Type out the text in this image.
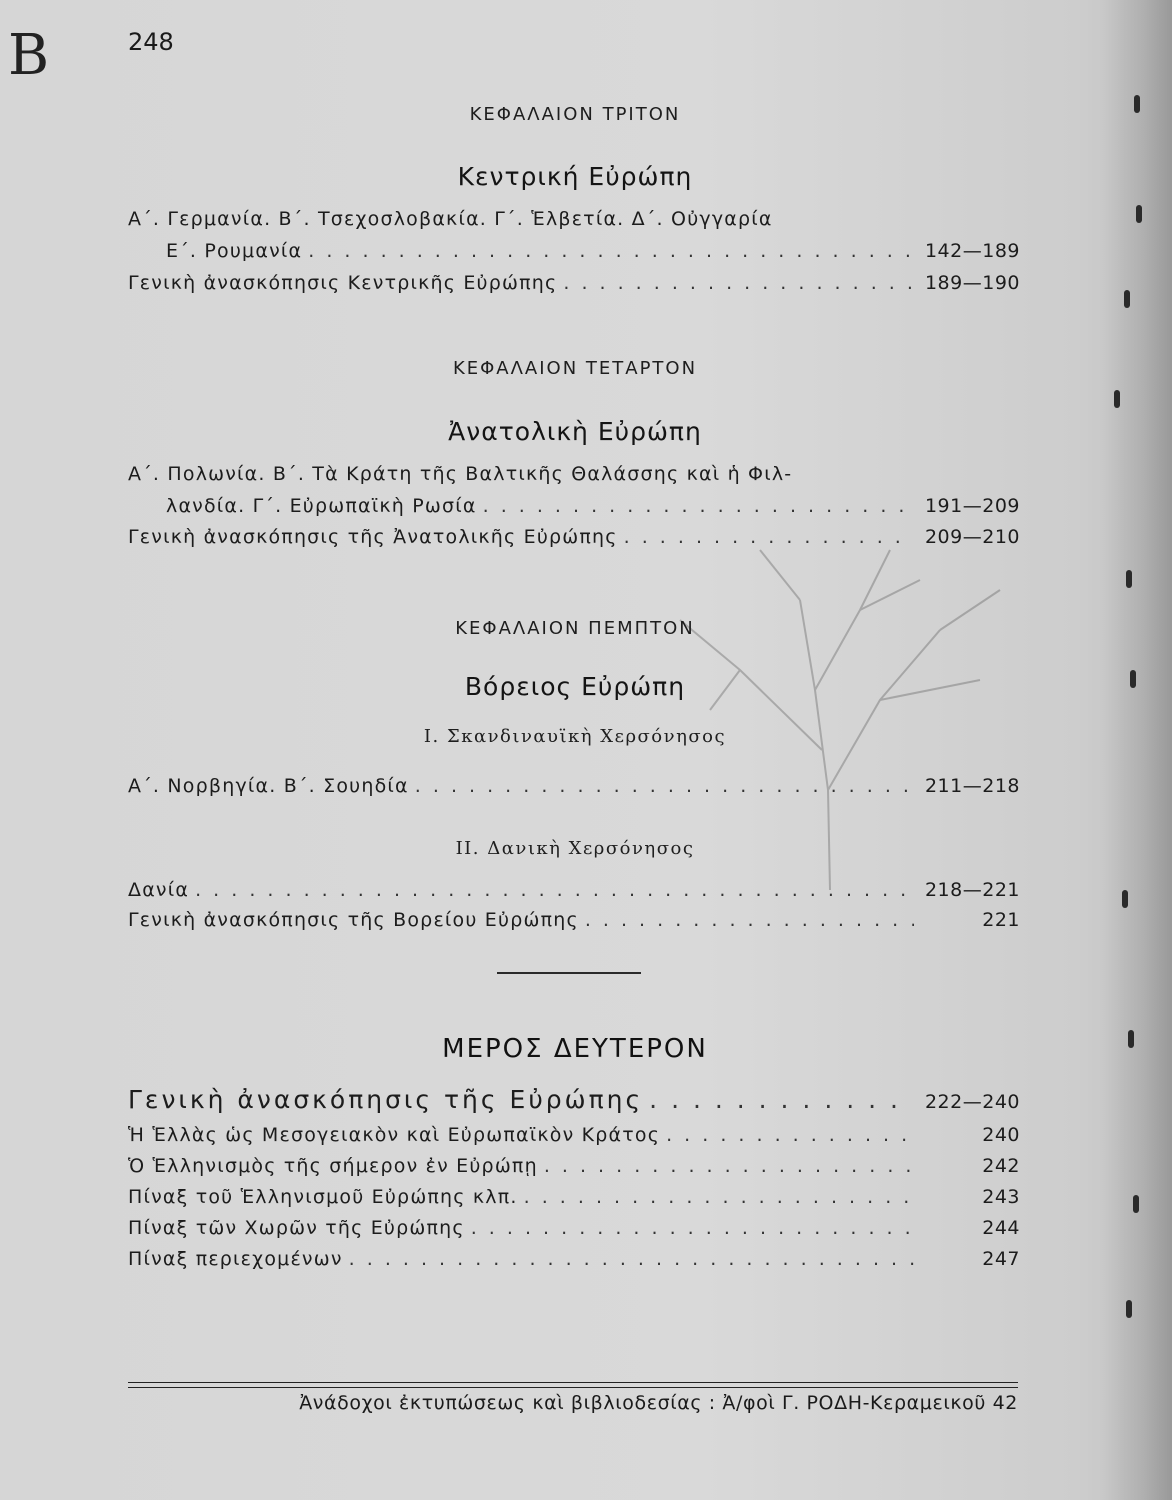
B	248
ΚΕΦΑΛΑΙΟΝ ΤΡΙΤΟΝ
Κεντρική Εὐρώπη
Α΄. Γερμανία. Β΄. Τσεχοσλοβακία. Γ΄. Ἑλβετία. Δ΄. Οὐγγαρία
Ε΄. Ρουμανία . . .	142—189
Γενικὴ ἀνασκόπησις Κεντρικῆς Εὐρώπης . . .	189—190
ΚΕΦΑΛΑΙΟΝ ΤΕΤΑΡΤΟΝ
Ἀνατολικὴ Εὐρώπη
Α΄. Πολωνία. Β΄. Τὰ Κράτη τῆς Βαλτικῆς Θαλάσσης καὶ ἡ Φιλ-
λανδία. Γ΄. Εὐρωπαϊκὴ Ρωσία . . .	191—209
Γενικὴ ἀνασκόπησις τῆς Ἀνατολικῆς Εὐρώπης . . .	209—210
ΚΕΦΑΛΑΙΟΝ ΠΕΜΠΤΟΝ
Βόρειος Εὐρώπη
I. Σκανδιναυϊκὴ Χερσόνησος
Α΄. Νορβηγία. Β΄. Σουηδία . . .	211—218
II. Δανικὴ Χερσόνησος
Δανία . . .	218—221
Γενικὴ ἀνασκόπησις τῆς Βορείου Εὐρώπης . . .	221
ΜΕΡΟΣ ΔΕΥΤΕΡΟΝ
Γενικὴ ἀνασκόπησις τῆς Εὐρώπης . . .	222—240
Ἡ Ἑλλὰς ὡς Μεσογειακὸν καὶ Εὐρωπαϊκὸν Κράτος . . .	240
Ὁ Ἑλληνισμὸς τῆς σήμερον ἐν Εὐρώπῃ . . .	242
Πίναξ τοῦ Ἑλληνισμοῦ Εὐρώπης κλπ. . . .	243
Πίναξ τῶν Χωρῶν τῆς Εὐρώπης . . .	244
Πίναξ περιεχομένων . . .	247
Ἀνάδοχοι ἐκτυπώσεως καὶ βιβλιοδεσίας : Ἀ/φοὶ Γ. ΡΟΔΗ-Κεραμεικοῦ 42
